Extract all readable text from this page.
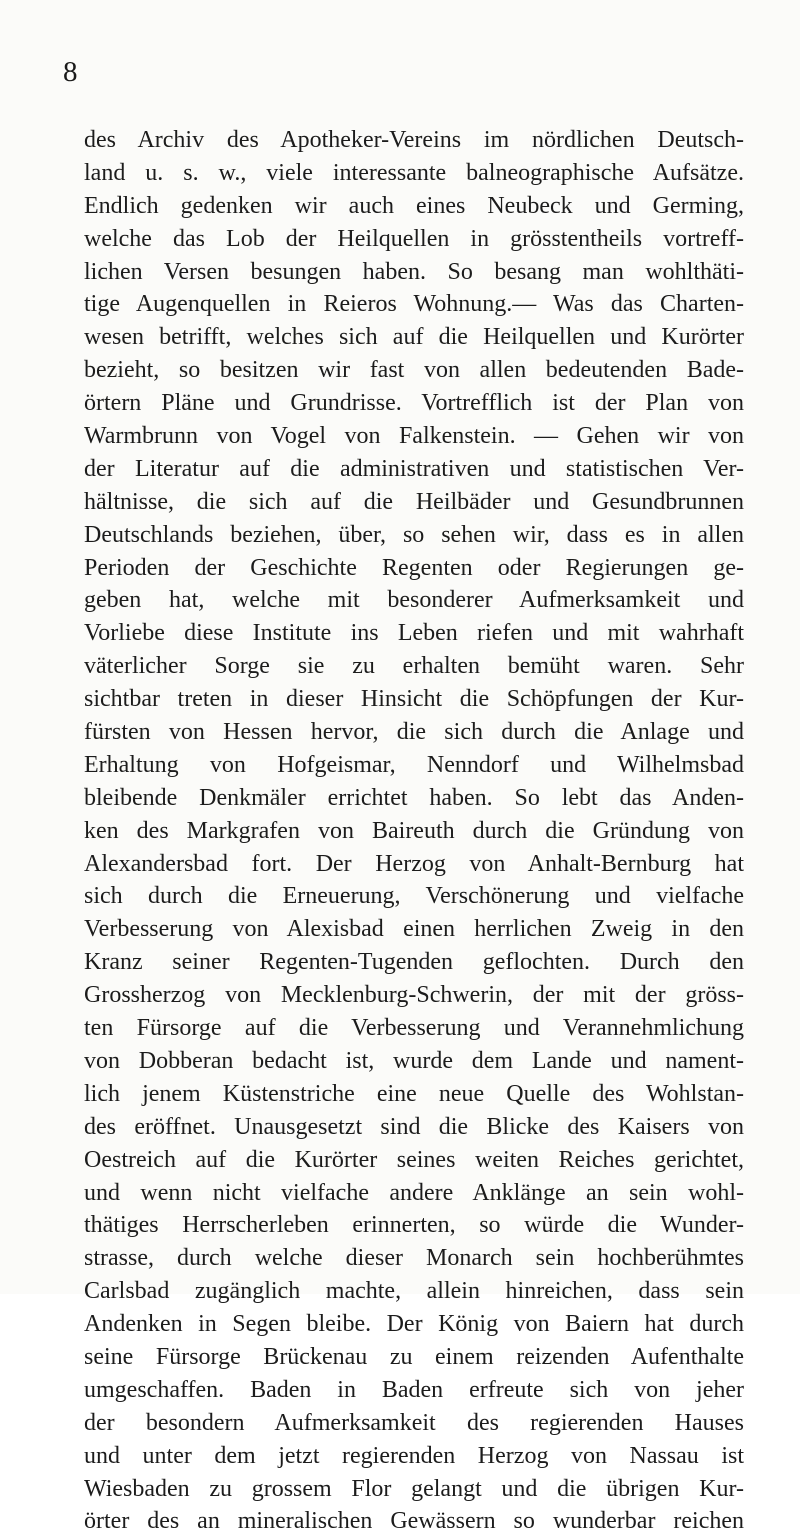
8

des Archiv des Apotheker-Vereins im nördlichen Deutsch-
land u. s. w., viele interessante balneographische Aufsätze.
Endlich gedenken wir auch eines Neubeck und Germing,
welche das Lob der Heilquellen in grösstentheils vortreff-
lichen Versen besungen haben. So besang man wohlthäti-
tige Augenquellen in Reieros Wohnung.— Was das Charten-
wesen betrifft, welches sich auf die Heilquellen und Kurörter
bezieht, so besitzen wir fast von allen bedeutenden Bade-
örtern Pläne und Grundrisse. Vortrefflich ist der Plan von
Warmbrunn von Vogel von Falkenstein. — Gehen wir von
der Literatur auf die administrativen und statistischen Ver-
hältnisse, die sich auf die Heilbäder und Gesundbrunnen
Deutschlands beziehen, über, so sehen wir, dass es in allen
Perioden der Geschichte Regenten oder Regierungen ge-
geben hat, welche mit besonderer Aufmerksamkeit und
Vorliebe diese Institute ins Leben riefen und mit wahrhaft
väterlicher Sorge sie zu erhalten bemüht waren. Sehr
sichtbar treten in dieser Hinsicht die Schöpfungen der Kur-
fürsten von Hessen hervor, die sich durch die Anlage und
Erhaltung von Hofgeismar, Nenndorf und Wilhelmsbad
bleibende Denkmäler errichtet haben. So lebt das Anden-
ken des Markgrafen von Baireuth durch die Gründung von
Alexandersbad fort. Der Herzog von Anhalt-Bernburg hat
sich durch die Erneuerung, Verschönerung und vielfache
Verbesserung von Alexisbad einen herrlichen Zweig in den
Kranz seiner Regenten-Tugenden geflochten. Durch den
Grossherzog von Mecklenburg-Schwerin, der mit der gröss-
ten Fürsorge auf die Verbesserung und Verannehmlichung
von Dobberan bedacht ist, wurde dem Lande und nament-
lich jenem Küstenstriche eine neue Quelle des Wohlstan-
des eröffnet. Unausgesetzt sind die Blicke des Kaisers von
Oestreich auf die Kurörter seines weiten Reiches gerichtet,
und wenn nicht vielfache andere Anklänge an sein wohl-
thätiges Herrscherleben erinnerten, so würde die Wunder-
strasse, durch welche dieser Monarch sein hochberühmtes
Carlsbad zugänglich machte, allein hinreichen, dass sein
Andenken in Segen bleibe. Der König von Baiern hat durch
seine Fürsorge Brückenau zu einem reizenden Aufenthalte
umgeschaffen. Baden in Baden erfreute sich von jeher
der besondern Aufmerksamkeit des regierenden Hauses
und unter dem jetzt regierenden Herzog von Nassau ist
Wiesbaden zu grossem Flor gelangt und die übrigen Kur-
örter des an mineralischen Gewässern so wunderbar reichen
